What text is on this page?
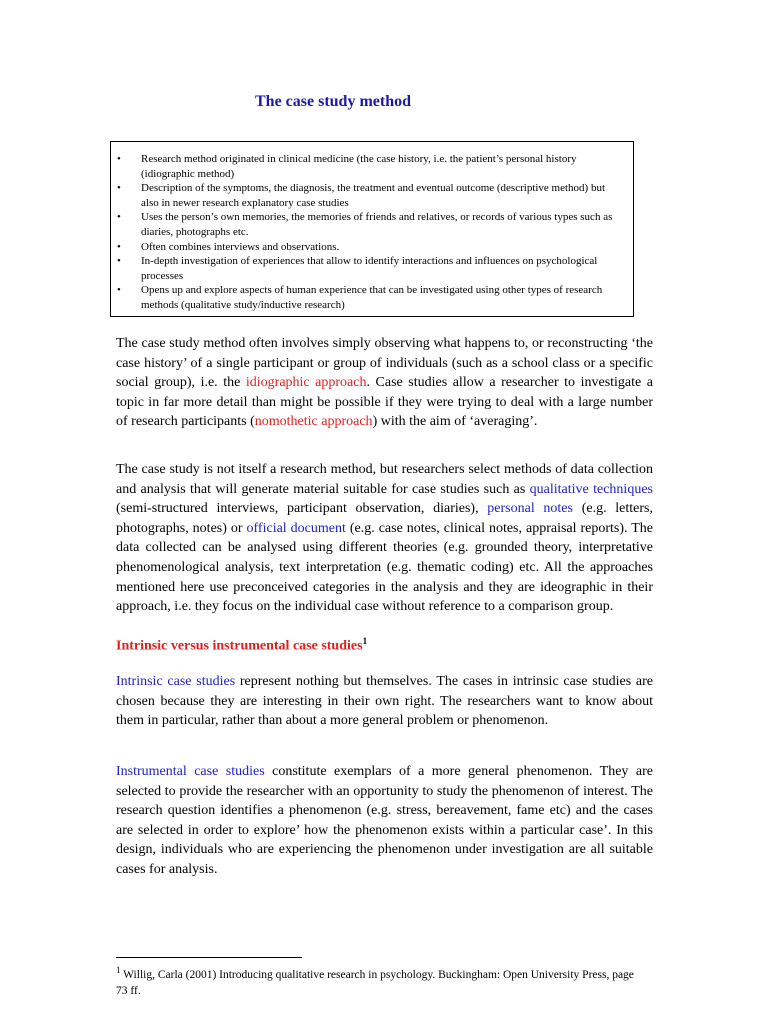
The case study method
• Research method originated in clinical medicine (the case history, i.e. the patient’s personal history (idiographic method)
• Description of the symptoms, the diagnosis, the treatment and eventual outcome (descriptive method) but also in newer research explanatory case studies
• Uses the person’s own memories, the memories of friends and relatives, or records of various types such as diaries, photographs etc.
• Often combines interviews and observations.
• In-depth investigation of experiences that allow to identify interactions and influences on psychological processes
• Opens up and explore aspects of human experience that can be investigated using other types of research methods (qualitative study/inductive research)

The case study method often involves simply observing what happens to, or reconstructing ‘the case history’ of a single participant or group of individuals (such as a school class or a specific social group), i.e. the idiographic approach. Case studies allow a researcher to investigate a topic in far more detail than might be possible if they were trying to deal with a large number of research participants (nomothetic approach) with the aim of ‘averaging’.

The case study is not itself a research method, but researchers select methods of data collection and analysis that will generate material suitable for case studies such as qualitative techniques (semi-structured interviews, participant observation, diaries), personal notes (e.g. letters, photographs, notes) or official document (e.g. case notes, clinical notes, appraisal reports). The data collected can be analysed using different theories (e.g. grounded theory, interpretative phenomenological analysis, text interpretation (e.g. thematic coding) etc. All the approaches mentioned here use preconceived categories in the analysis and they are ideographic in their approach, i.e. they focus on the individual case without reference to a comparison group.

Intrinsic versus instrumental case studies$^1$

Intrinsic case studies represent nothing but themselves. The cases in intrinsic case studies are chosen because they are interesting in their own right. The researchers want to know about them in particular, rather than about a more general problem or phenomenon.

Instrumental case studies constitute exemplars of a more general phenomenon. They are selected to provide the researcher with an opportunity to study the phenomenon of interest. The research question identifies a phenomenon (e.g. stress, bereavement, fame etc) and the cases are selected in order to explore’ how the phenomenon exists within a particular case’. In this design, individuals who are experiencing the phenomenon under investigation are all suitable cases for analysis.

$^1$ Willig, Carla (2001) Introducing qualitative research in psychology. Buckingham: Open University Press, page 73 ff.
